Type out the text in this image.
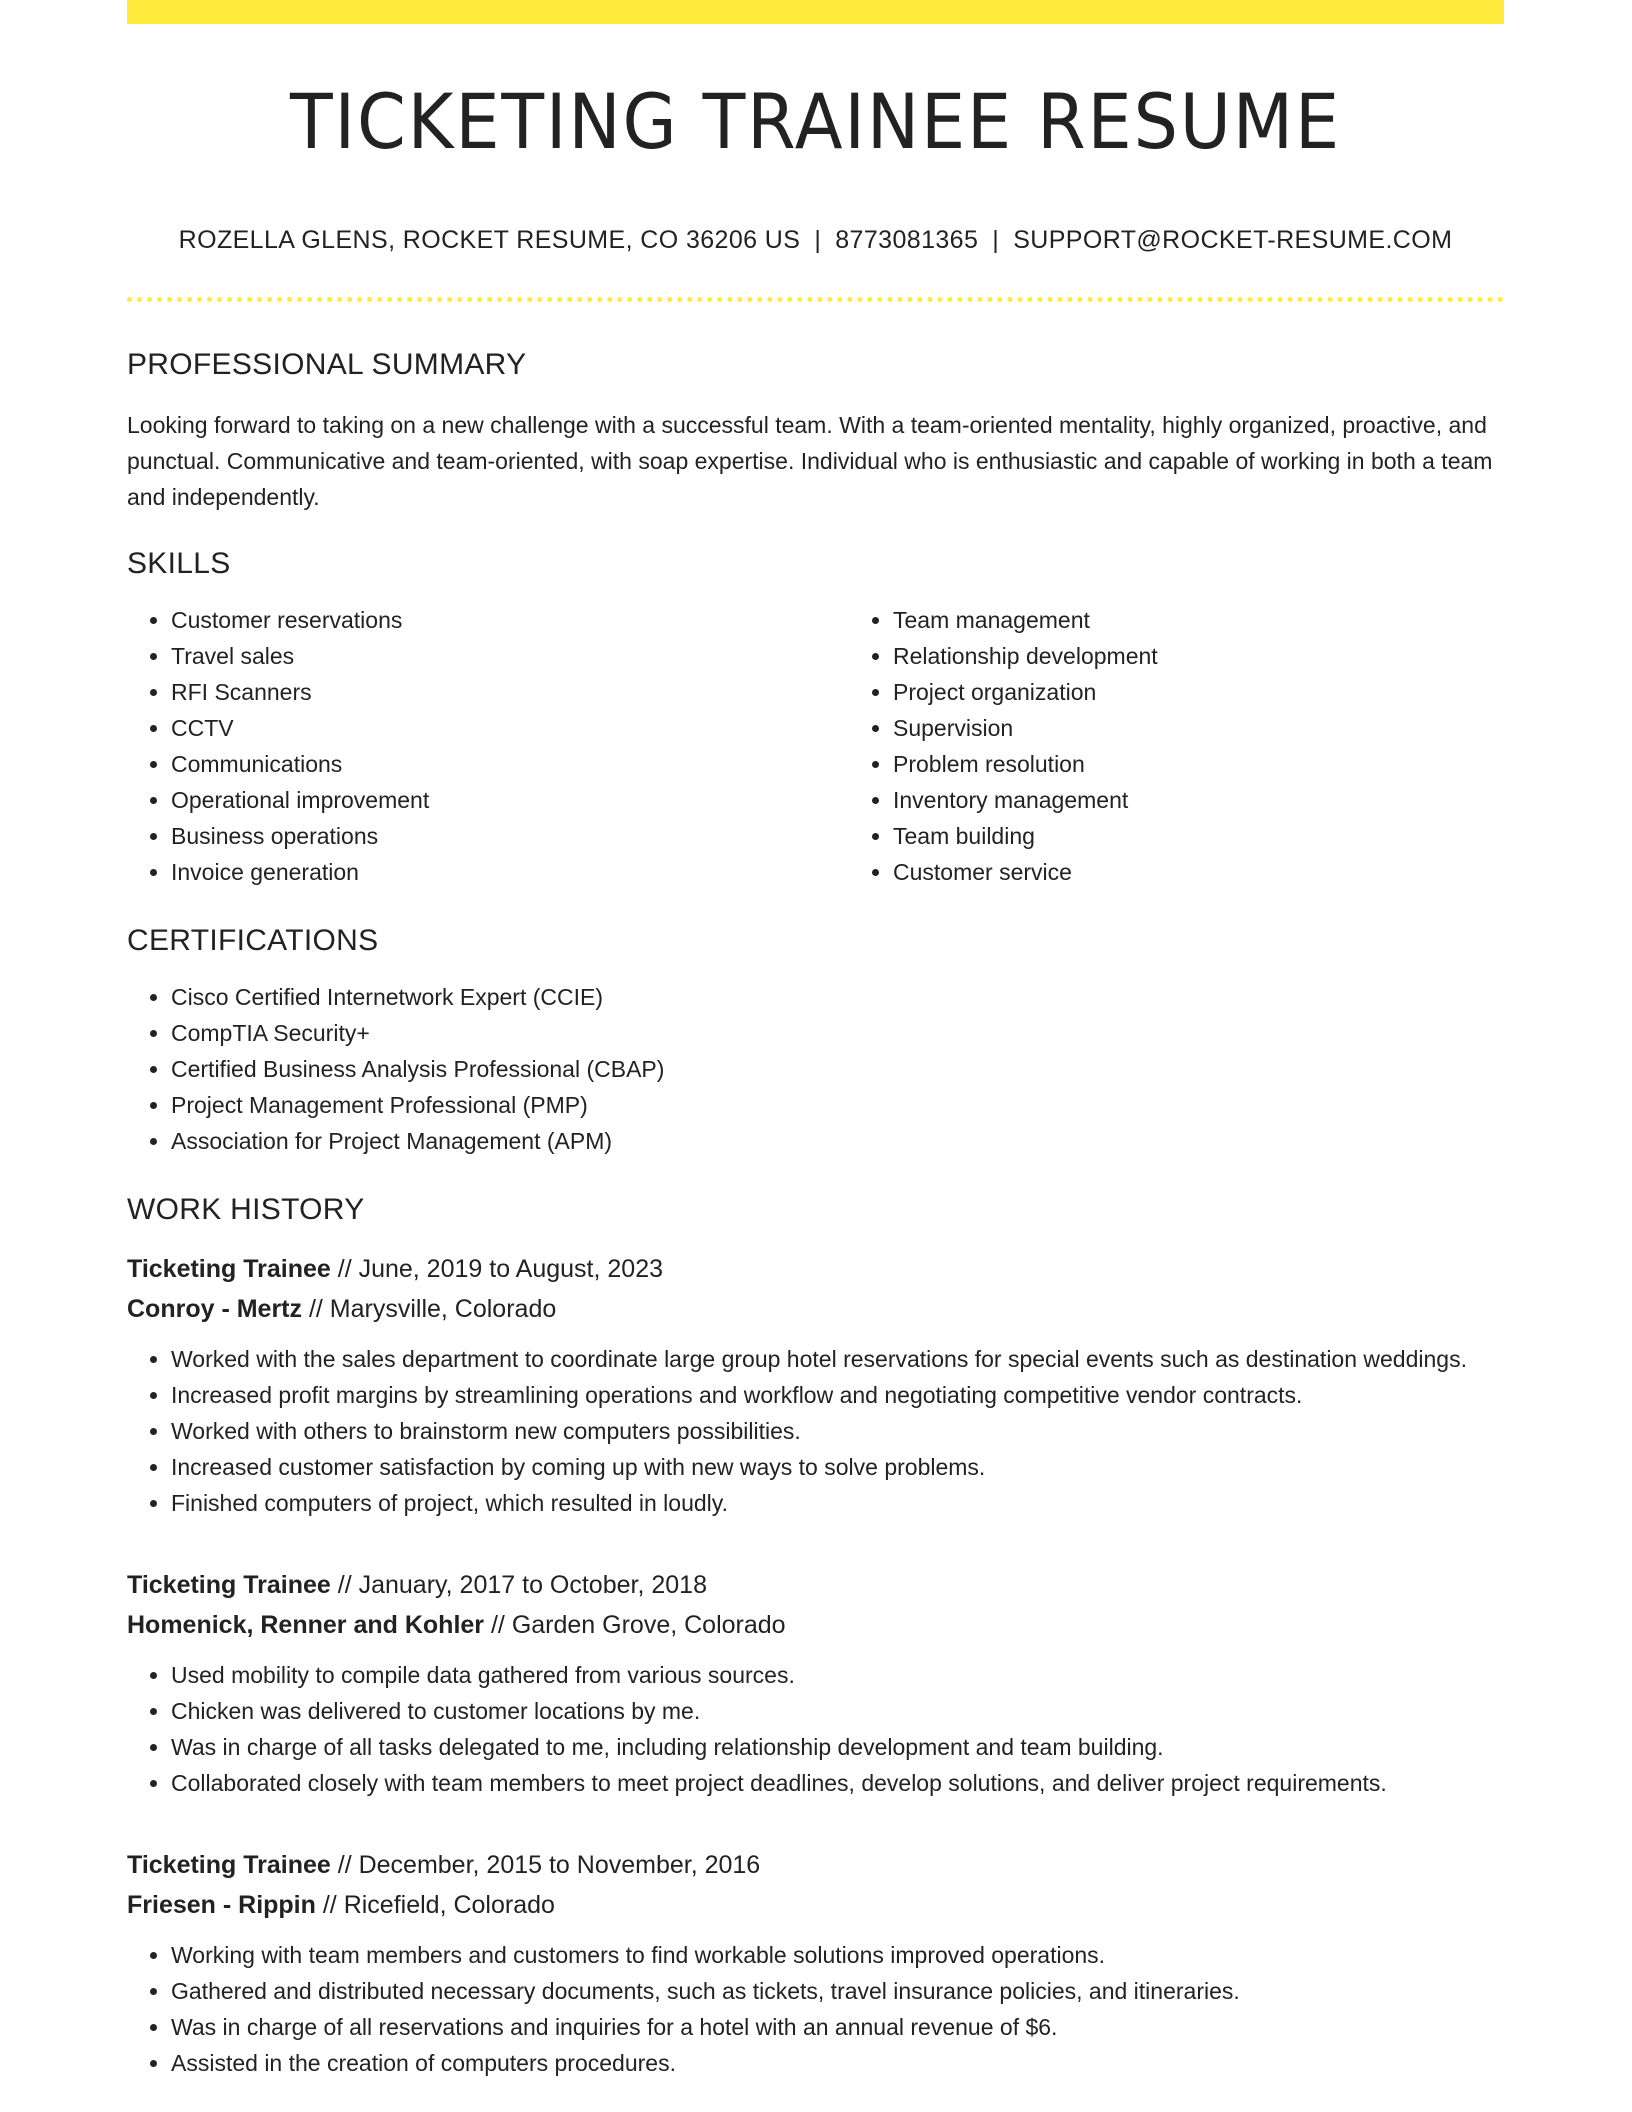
TICKETING TRAINEE RESUME
ROZELLA GLENS, ROCKET RESUME, CO 36206 US | 8773081365 | SUPPORT@ROCKET-RESUME.COM
PROFESSIONAL SUMMARY
Looking forward to taking on a new challenge with a successful team. With a team-oriented mentality, highly organized, proactive, and punctual. Communicative and team-oriented, with soap expertise. Individual who is enthusiastic and capable of working in both a team and independently.
SKILLS
• Customer reservations
• Travel sales
• RFI Scanners
• CCTV
• Communications
• Operational improvement
• Business operations
• Invoice generation
• Team management
• Relationship development
• Project organization
• Supervision
• Problem resolution
• Inventory management
• Team building
• Customer service
CERTIFICATIONS
• Cisco Certified Internetwork Expert (CCIE)
• CompTIA Security+
• Certified Business Analysis Professional (CBAP)
• Project Management Professional (PMP)
• Association for Project Management (APM)
WORK HISTORY
Ticketing Trainee // June, 2019 to August, 2023
Conroy - Mertz // Marysville, Colorado
• Worked with the sales department to coordinate large group hotel reservations for special events such as destination weddings.
• Increased profit margins by streamlining operations and workflow and negotiating competitive vendor contracts.
• Worked with others to brainstorm new computers possibilities.
• Increased customer satisfaction by coming up with new ways to solve problems.
• Finished computers of project, which resulted in loudly.
Ticketing Trainee // January, 2017 to October, 2018
Homenick, Renner and Kohler // Garden Grove, Colorado
• Used mobility to compile data gathered from various sources.
• Chicken was delivered to customer locations by me.
• Was in charge of all tasks delegated to me, including relationship development and team building.
• Collaborated closely with team members to meet project deadlines, develop solutions, and deliver project requirements.
Ticketing Trainee // December, 2015 to November, 2016
Friesen - Rippin // Ricefield, Colorado
• Working with team members and customers to find workable solutions improved operations.
• Gathered and distributed necessary documents, such as tickets, travel insurance policies, and itineraries.
• Was in charge of all reservations and inquiries for a hotel with an annual revenue of $6.
• Assisted in the creation of computers procedures.
